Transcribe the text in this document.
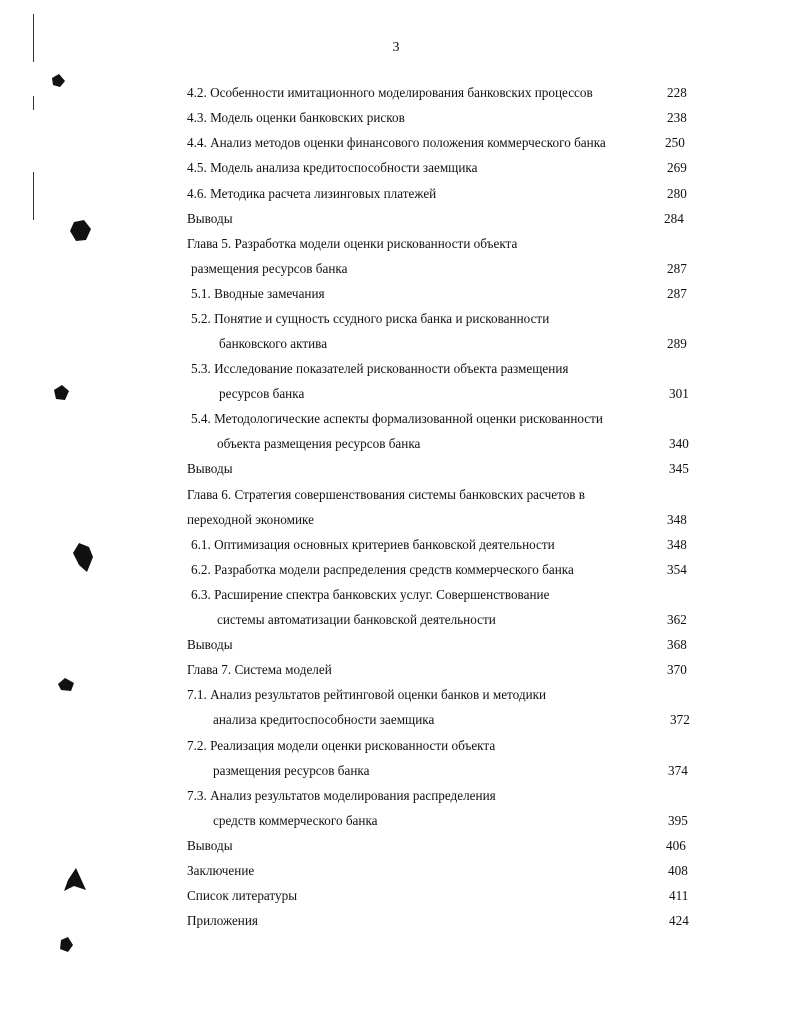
3
4.2. Особенности имитационного моделирования банковских процессов	228
4.3. Модель оценки банковских рисков	238
4.4. Анализ методов оценки финансового положения коммерческого банка	250
4.5. Модель анализа кредитоспособности заемщика	269
4.6. Методика расчета лизинговых платежей	280
Выводы	284
Глава 5. Разработка модели оценки рискованности объекта
размещения ресурсов банка	287
5.1. Вводные замечания	287
5.2. Понятие и сущность ссудного риска банка и рискованности
банковского актива	289
5.3. Исследование показателей рискованности объекта размещения
ресурсов банка	301
5.4. Методологические аспекты формализованной оценки рискованности
объекта размещения ресурсов банка	340
Выводы	345
Глава 6. Стратегия совершенствования системы банковских расчетов в
переходной экономике	348
6.1. Оптимизация основных критериев банковской деятельности	348
6.2. Разработка модели распределения средств коммерческого банка	354
6.3. Расширение спектра банковских услуг. Совершенствование
системы автоматизации банковской деятельности	362
Выводы	368
Глава 7. Система моделей	370
7.1. Анализ результатов рейтинговой оценки банков и методики
анализа кредитоспособности заемщика	372
7.2. Реализация модели оценки рискованности объекта
размещения ресурсов банка	374
7.3. Анализ результатов моделирования распределения
средств коммерческого банка	395
Выводы	406
Заключение	408
Список литературы	411
Приложения	424
